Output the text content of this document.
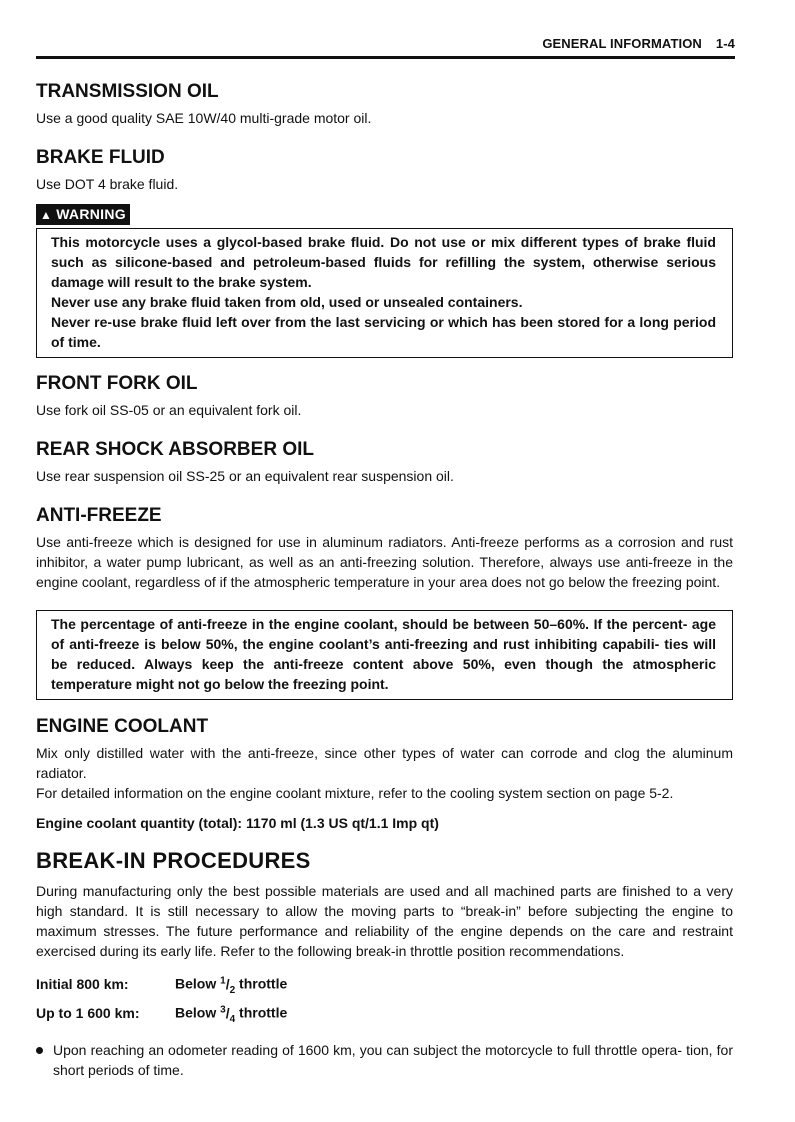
GENERAL INFORMATION 1-4
TRANSMISSION OIL

Use a good quality SAE 10W/40 multi-grade motor oil.

BRAKE FLUID

Use DOT 4 brake fluid.

▲ WARNING

This motorcycle uses a glycol-based brake fluid. Do not use or mix different types of brake fluid such as silicone-based and petroleum-based fluids for refilling the system, otherwise serious damage will result to the brake system.

Never use any brake fluid taken from old, used or unsealed containers.

Never re-use brake fluid left over from the last servicing or which has been stored for a long period of time.

FRONT FORK OIL

Use fork oil SS-05 or an equivalent fork oil.

REAR SHOCK ABSORBER OIL

Use rear suspension oil SS-25 or an equivalent rear suspension oil.

ANTI-FREEZE

Use anti-freeze which is designed for use in aluminum radiators. Anti-freeze performs as a corrosion and rust inhibitor, a water pump lubricant, as well as an anti-freezing solution. Therefore, always use anti-freeze in the engine coolant, regardless of if the atmospheric temperature in your area does not go below the freezing point.

The percentage of anti-freeze in the engine coolant, should be between 50–60%. If the percent- age of anti-freeze is below 50%, the engine coolant’s anti-freezing and rust inhibiting capabili- ties will be reduced. Always keep the anti-freeze content above 50%, even though the atmospheric temperature might not go below the freezing point.

ENGINE COOLANT

Mix only distilled water with the anti-freeze, since other types of water can corrode and clog the aluminum radiator.

For detailed information on the engine coolant mixture, refer to the cooling system section on page 5-2.

Engine coolant quantity (total): 1170 ml (1.3 US qt/1.1 Imp qt)

BREAK-IN PROCEDURES

During manufacturing only the best possible materials are used and all machined parts are finished to a very high standard. It is still necessary to allow the moving parts to “break-in” before subjecting the engine to maximum stresses. The future performance and reliability of the engine depends on the care and restraint exercised during its early life. Refer to the following break-in throttle position recommendations.

Initial 800 km:	Below $^1/_2$ throttle
Up to 1 600 km:	Below $^3/_4$ throttle
Upon reaching an odometer reading of 1600 km, you can subject the motorcycle to full throttle opera- tion, for short periods of time.
